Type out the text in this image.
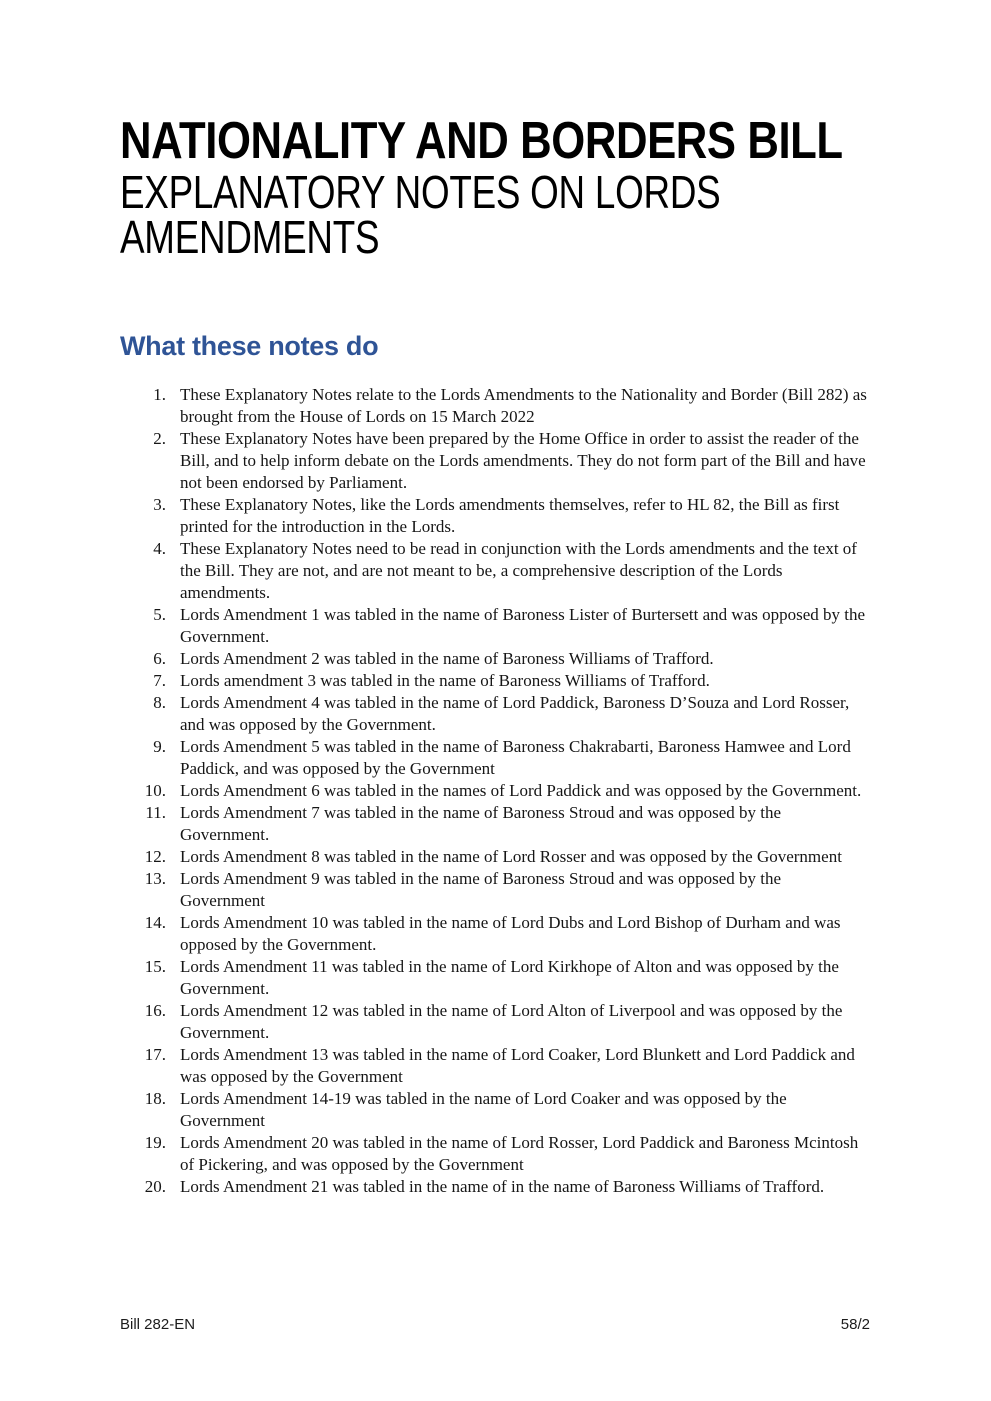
NATIONALITY AND BORDERS BILL
EXPLANATORY NOTES ON LORDS
AMENDMENTS
What these notes do
1. These Explanatory Notes relate to the Lords Amendments to the Nationality and Border (Bill 282) as brought from the House of Lords on 15 March 2022
2. These Explanatory Notes have been prepared by the Home Office in order to assist the reader of the Bill, and to help inform debate on the Lords amendments. They do not form part of the Bill and have not been endorsed by Parliament.
3. These Explanatory Notes, like the Lords amendments themselves, refer to HL 82, the Bill as first printed for the introduction in the Lords.
4. These Explanatory Notes need to be read in conjunction with the Lords amendments and the text of the Bill. They are not, and are not meant to be, a comprehensive description of the Lords amendments.
5. Lords Amendment 1 was tabled in the name of Baroness Lister of Burtersett and was opposed by the Government.
6. Lords Amendment 2 was tabled in the name of Baroness Williams of Trafford.
7. Lords amendment 3 was tabled in the name of Baroness Williams of Trafford.
8. Lords Amendment 4 was tabled in the name of Lord Paddick, Baroness D’Souza and Lord Rosser, and was opposed by the Government.
9. Lords Amendment 5 was tabled in the name of Baroness Chakrabarti, Baroness Hamwee and Lord Paddick, and was opposed by the Government
10. Lords Amendment 6 was tabled in the names of Lord Paddick and was opposed by the Government.
11. Lords Amendment 7 was tabled in the name of Baroness Stroud and was opposed by the Government.
12. Lords Amendment 8 was tabled in the name of Lord Rosser and was opposed by the Government
13. Lords Amendment 9 was tabled in the name of Baroness Stroud and was opposed by the Government
14. Lords Amendment 10 was tabled in the name of Lord Dubs and Lord Bishop of Durham and was opposed by the Government.
15. Lords Amendment 11 was tabled in the name of Lord Kirkhope of Alton and was opposed by the Government.
16. Lords Amendment 12 was tabled in the name of Lord Alton of Liverpool and was opposed by the Government.
17. Lords Amendment 13 was tabled in the name of Lord Coaker, Lord Blunkett and Lord Paddick and was opposed by the Government
18. Lords Amendment 14-19 was tabled in the name of Lord Coaker and was opposed by the Government
19. Lords Amendment 20 was tabled in the name of Lord Rosser, Lord Paddick and Baroness Mcintosh of Pickering, and was opposed by the Government
20. Lords Amendment 21 was tabled in the name of in the name of Baroness Williams of Trafford.
Bill 282-EN	58/2
